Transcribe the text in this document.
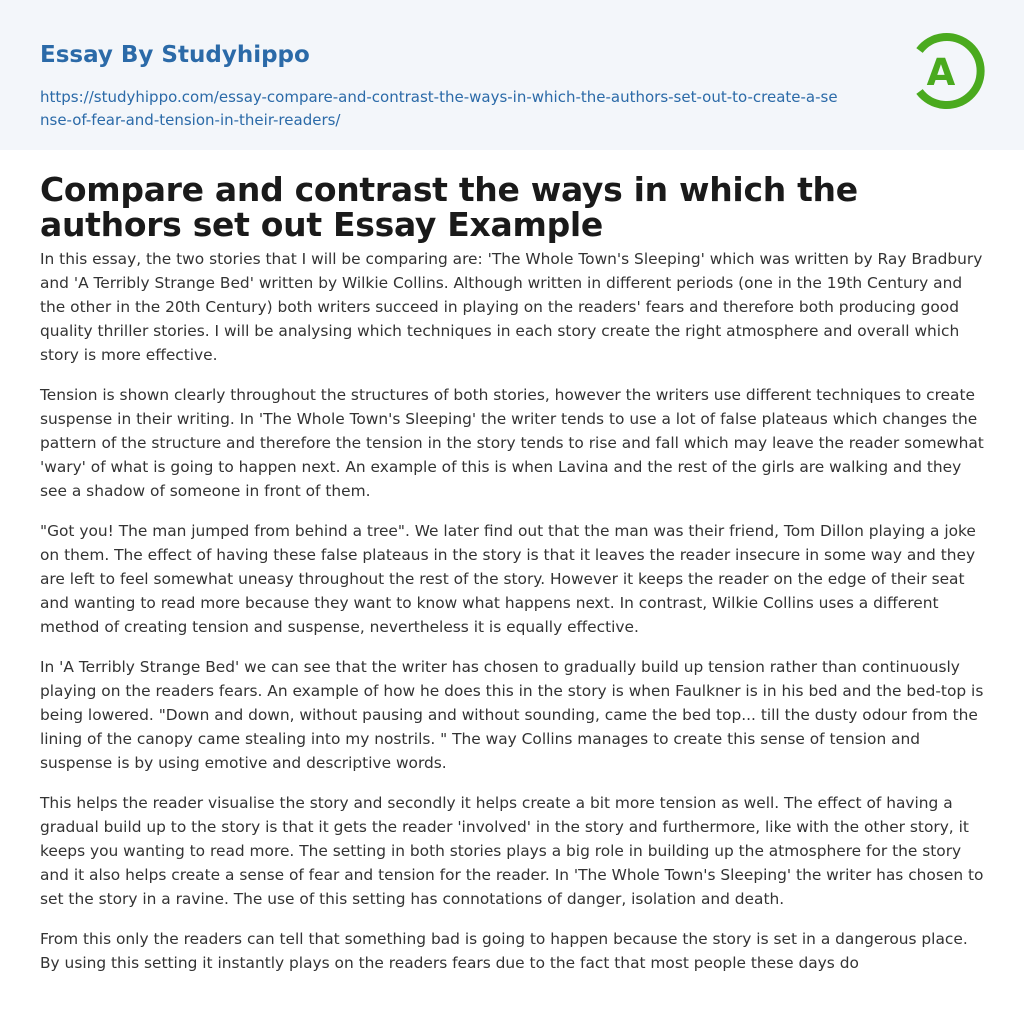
Essay By Studyhippo
https://studyhippo.com/essay-compare-and-contrast-the-ways-in-which-the-authors-set-out-to-create-a-sense-of-fear-and-tension-in-their-readers/
A
Compare and contrast the ways in which the authors set out Essay Example

In this essay, the two stories that I will be comparing are: 'The Whole Town's Sleeping' which was written by Ray Bradbury and 'A Terribly Strange Bed' written by Wilkie Collins. Although written in different periods (one in the 19th Century and the other in the 20th Century) both writers succeed in playing on the readers' fears and therefore both producing good quality thriller stories. I will be analysing which techniques in each story create the right atmosphere and overall which story is more effective.

Tension is shown clearly throughout the structures of both stories, however the writers use different techniques to create suspense in their writing. In 'The Whole Town's Sleeping' the writer tends to use a lot of false plateaus which changes the pattern of the structure and therefore the tension in the story tends to rise and fall which may leave the reader somewhat 'wary' of what is going to happen next. An example of this is when Lavina and the rest of the girls are walking and they see a shadow of someone in front of them.

"Got you! The man jumped from behind a tree". We later find out that the man was their friend, Tom Dillon playing a joke on them. The effect of having these false plateaus in the story is that it leaves the reader insecure in some way and they are left to feel somewhat uneasy throughout the rest of the story. However it keeps the reader on the edge of their seat and wanting to read more because they want to know what happens next. In contrast, Wilkie Collins uses a different method of creating tension and suspense, nevertheless it is equally effective.

In 'A Terribly Strange Bed' we can see that the writer has chosen to gradually build up tension rather than continuously playing on the readers fears. An example of how he does this in the story is when Faulkner is in his bed and the bed-top is being lowered. "Down and down, without pausing and without sounding, came the bed top... till the dusty odour from the lining of the canopy came stealing into my nostrils. " The way Collins manages to create this sense of tension and suspense is by using emotive and descriptive words.

This helps the reader visualise the story and secondly it helps create a bit more tension as well. The effect of having a gradual build up to the story is that it gets the reader 'involved' in the story and furthermore, like with the other story, it keeps you wanting to read more. The setting in both stories plays a big role in building up the atmosphere for the story and it also helps create a sense of fear and tension for the reader. In 'The Whole Town's Sleeping' the writer has chosen to set the story in a ravine. The use of this setting has connotations of danger, isolation and death.

From this only the readers can tell that something bad is going to happen because the story is set in a dangerous place. By using this setting it instantly plays on the readers fears due to the fact that most people these days do
